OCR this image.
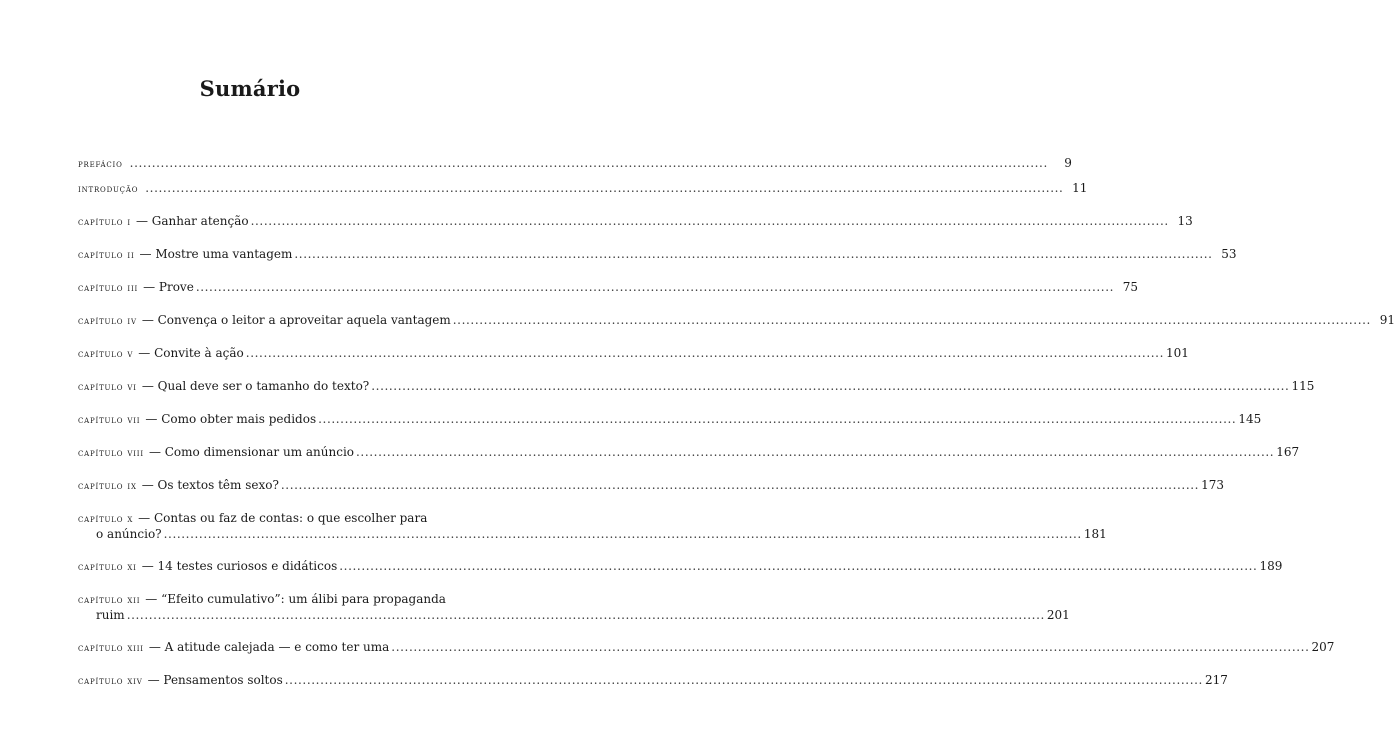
Sumário
prefácio .....	9
introdução .....	11
capítulo i — Ganhar atenção .....	13
capítulo ii — Mostre uma vantagem .....	53
capítulo iii — Prove .....	75
capítulo iv — Convença o leitor a aproveitar aquela vantagem .....	91
capítulo v — Convite à ação .....	101
capítulo vi — Qual deve ser o tamanho do texto? .....	115
capítulo vii — Como obter mais pedidos .....	145
capítulo viii — Como dimensionar um anúncio .....	167
capítulo ix — Os textos têm sexo? .....	173
capítulo x — Contas ou faz de contas: o que escolher para
o anúncio? .....	181
capítulo xi — 14 testes curiosos e didáticos .....	189
capítulo xii — “Efeito cumulativo”: um álibi para propaganda
ruim .....	201
capítulo xiii — A atitude calejada — e como ter uma .....	207
capítulo xiv — Pensamentos soltos .....	217
